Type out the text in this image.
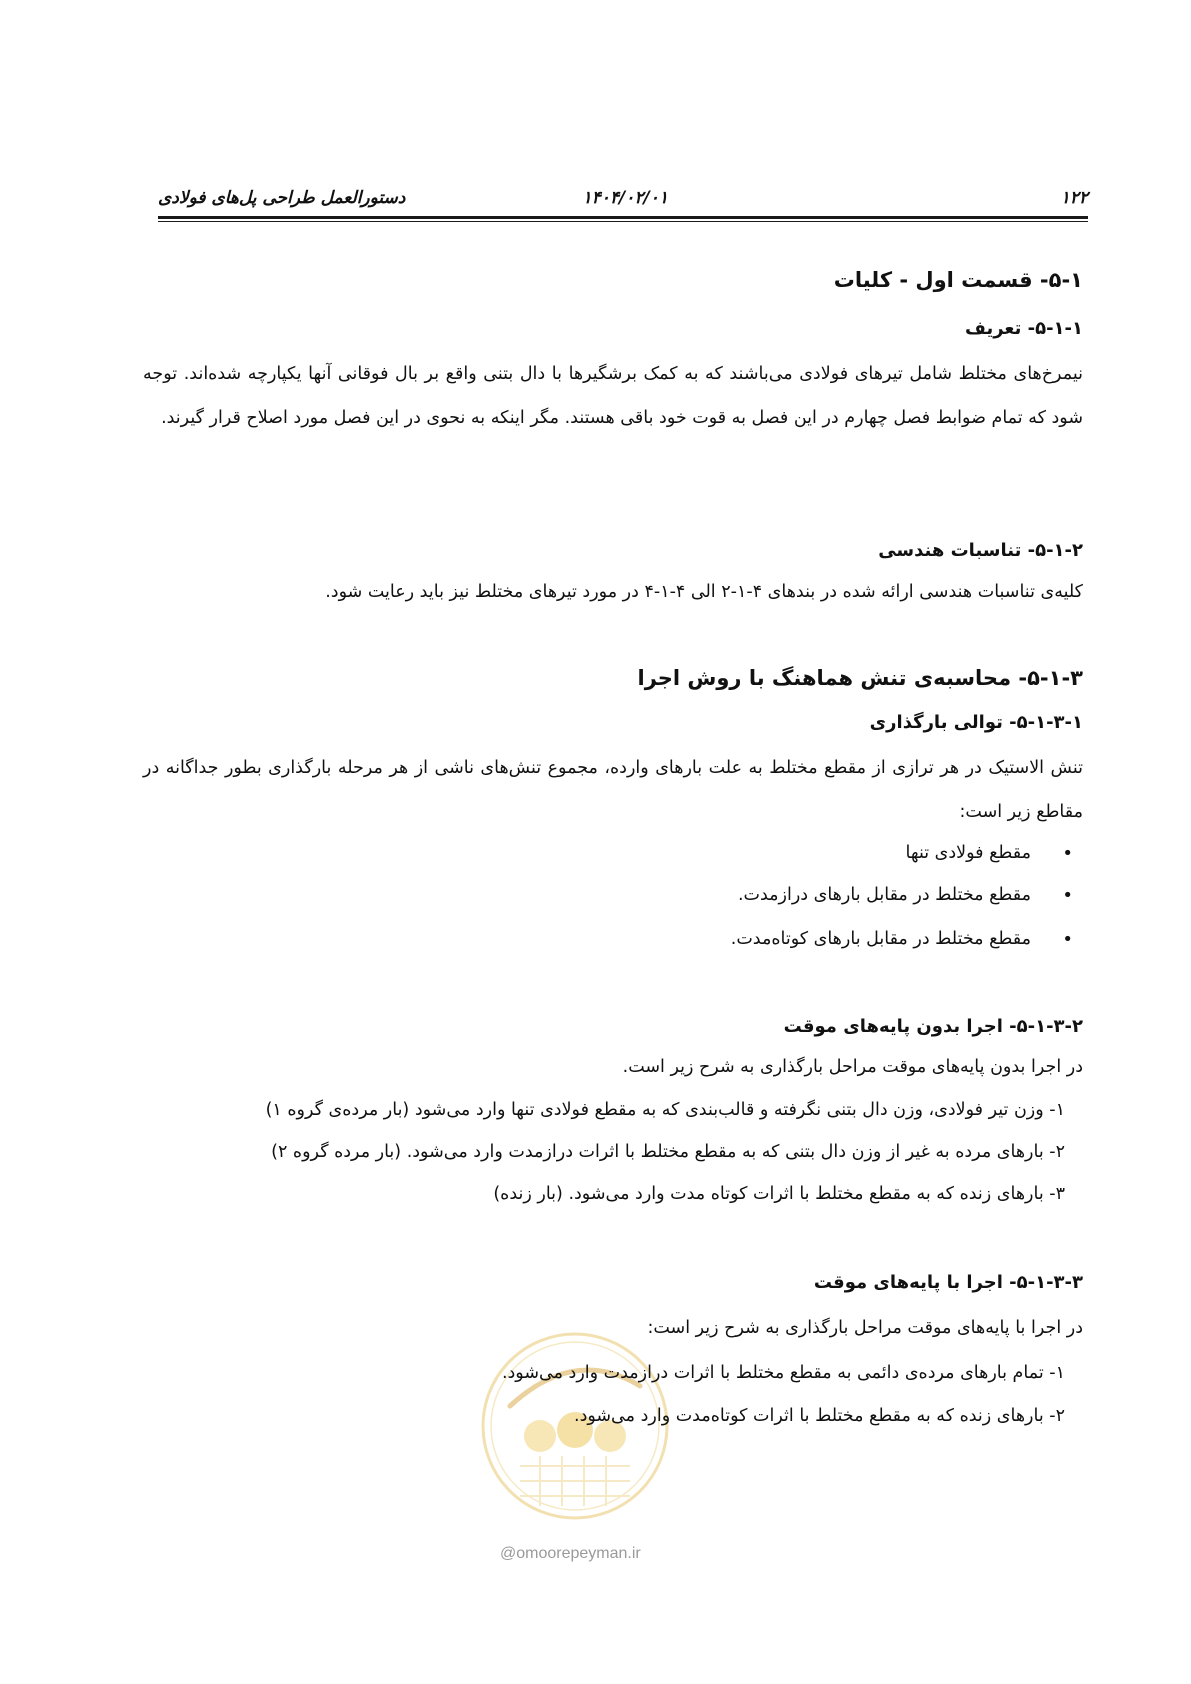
۱۲۲
۱۴۰۴/۰۲/۰۱
دستورالعمل طراحی پل‌های فولادی
۵-۱- قسمت اول - کلیات
۵-۱-۱- تعریف
نیمرخ‌های مختلط شامل تیرهای فولادی می‌باشند که به کمک برشگیرها با دال بتنی واقع بر بال فوقانی آنها یکپارچه شده‌اند. توجه شود که تمام ضوابط فصل چهارم در این فصل به قوت خود باقی هستند. مگر اینکه به نحوی در این فصل مورد اصلاح قرار گیرند.
۵-۱-۲- تناسبات هندسی
کلیه‌ی تناسبات هندسی ارائه شده در بندهای ۴-۱-۲ الی ۴-۱-۴ در مورد تیرهای مختلط نیز باید رعایت شود.
۵-۱-۳- محاسبه‌ی تنش هماهنگ با روش اجرا
۵-۱-۳-۱- توالی بارگذاری
تنش الاستیک در هر ترازی از مقطع مختلط به علت بارهای وارده، مجموع تنش‌های ناشی از هر مرحله بارگذاری بطور جداگانه در مقاطع زیر است:
• مقطع فولادی تنها
• مقطع مختلط در مقابل بارهای درازمدت.
• مقطع مختلط در مقابل بارهای کوتاه‌مدت.
۵-۱-۳-۲- اجرا بدون پایه‌های موقت
در اجرا بدون پایه‌های موقت مراحل بارگذاری به شرح زیر است.
۱- وزن تیر فولادی، وزن دال بتنی نگرفته و قالب‌بندی که به مقطع فولادی تنها وارد می‌شود (بار مرده‌ی گروه ۱)
۲- بارهای مرده به غیر از وزن دال بتنی که به مقطع مختلط با اثرات درازمدت وارد می‌شود. (بار مرده گروه ۲)
۳- بارهای زنده که به مقطع مختلط با اثرات کوتاه مدت وارد می‌شود. (بار زنده)
@omoorepeyman.ir
۵-۱-۳-۳- اجرا با پایه‌های موقت
در اجرا با پایه‌های موقت مراحل بارگذاری به شرح زیر است:
۱- تمام بارهای مرده‌ی دائمی به مقطع مختلط با اثرات درازمدت وارد می‌شود.
۲- بارهای زنده که به مقطع مختلط با اثرات کوتاه‌مدت وارد می‌شود.
